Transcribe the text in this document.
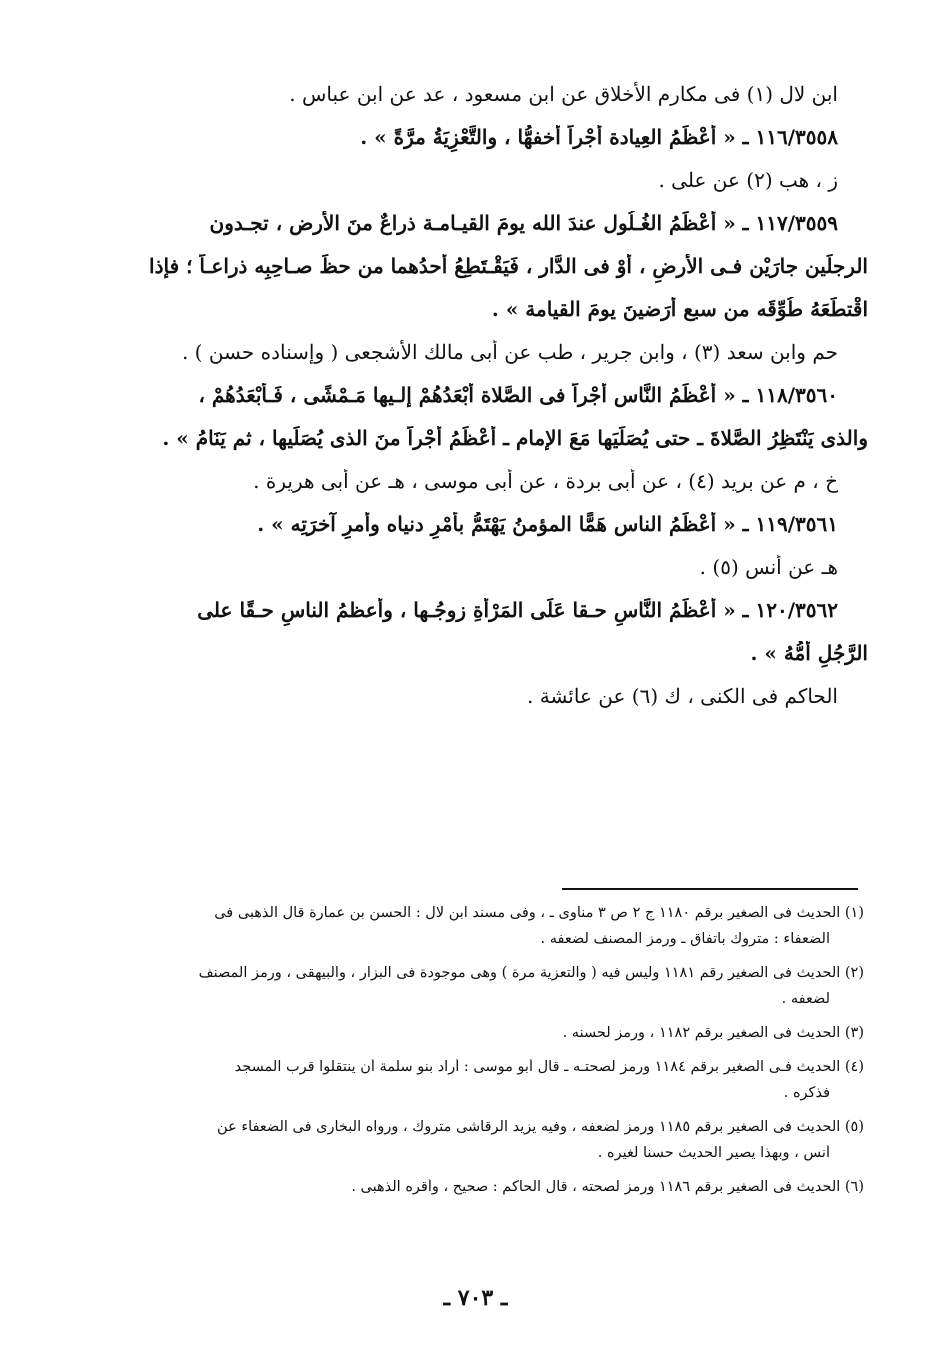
ابن لال (١) فى مكارم الأخلاق عن ابن مسعود ، عد عن ابن عباس .
١١٦/٣٥٥٨ ـ « أَعْظَمُ العِيادة أَجْراً أَخفهُّا ، والتَّعْزِيَةُ مرَّةً » .
ز ، هب (٢) عن على .
١١٧/٣٥٥٩ ـ « أَعْظَمُ الغُـلُول عندَ الله يومَ القيـامـة ذراعٌ منَ الأرض ، تجـدون
الرجلَين جارَيْن فـى الأَرضِ ، أَوْ فى الدَّار ، فَيَقْـتَطِعُ أحدُهما من حظِّ صـاحِبِه ذراعـاً ؛ فإذا
اقْتطَعَهُ طُوِّقَه من سبع أَرَضينَ يومَ القيامة » .
حم وابن سعد (٣) ، وابن جرير ، طب عن أبى مالك الأشجعى ( وإسناده حسن ) .
١١٨/٣٥٦٠ ـ « أَعْظَمُ النَّاس أجْراً فى الصَّلاة أَبْعَدُهُمْ إلـيها مَـمْشًى ، فَـأَبْعَدُهُمْ ،
والذى يَنْتَظِرُ الصَّلاةَ ـ حتى يُصَلِّيَها مَعَ الإمام ـ أعْظَمُ أَجْراً منَ الذى يُصَلِّيها ، ثم يَنَامُ » .
خ ، م عن بريد (٤) ، عن أبى بردة ، عن أبى موسى ، هـ عن أبى هريرة .
١١٩/٣٥٦١ ـ « أَعْظَمُ الناس هَمًّا المؤمنُ يَهْتَمُّ بأمْرِ دنياه وأمرِ آخرَتِه » .
هـ عن أنس (٥) .
١٢٠/٣٥٦٢ ـ « أَعْظَمُ النَّاسِ حـقا عَلَى المَرْأَةِ زوجُـها ، وأعظمُ الناسِ حـقًا على
الرَّجُلِ أُمُّهُ » .
الحاكم فى الكنى ، ك (٦) عن عائشة .
(١) الحديث فى الصغير برقم ١١٨٠ ج ٢ ص ٣ مناوى ـ ، وفى مسند ابن لال : الحسن بن عمارة قال الذهبى فى
الضعفاء : متروك باتفاق ـ ورمز المصنف لضعفه .
(٢) الحديث فى الصغير رقم ١١٨١ وليس فيه ( والتعزية مرة ) وهى موجودة فى البزار ، والبيهقى ، ورمز المصنف
لضعفه .
(٣) الحديث فى الصغير برقم ١١٨٢ ، ورمز لحسنه .
(٤) الحديث فـى الصغير برقم ١١٨٤ ورمز لصحتـه ـ قال أبو موسى : أراد بنو سلمة أن ينتقلوا قرب المسجد
فذكره .
(٥) الحديث فى الصغير برقم ١١٨٥ ورمز لضعفه ، وفيه يزيد الرقاشى متروك ، ورواه البخارى فى الضعفاء عن
أنس ، وبهذا يصير الحديث حسنا لغيره .
(٦) الحديث فى الصغير برقم ١١٨٦ ورمز لصحته ، قال الحاكم : صحيح ، وأقره الذهبى .
ـ ٧٠٣ ـ
